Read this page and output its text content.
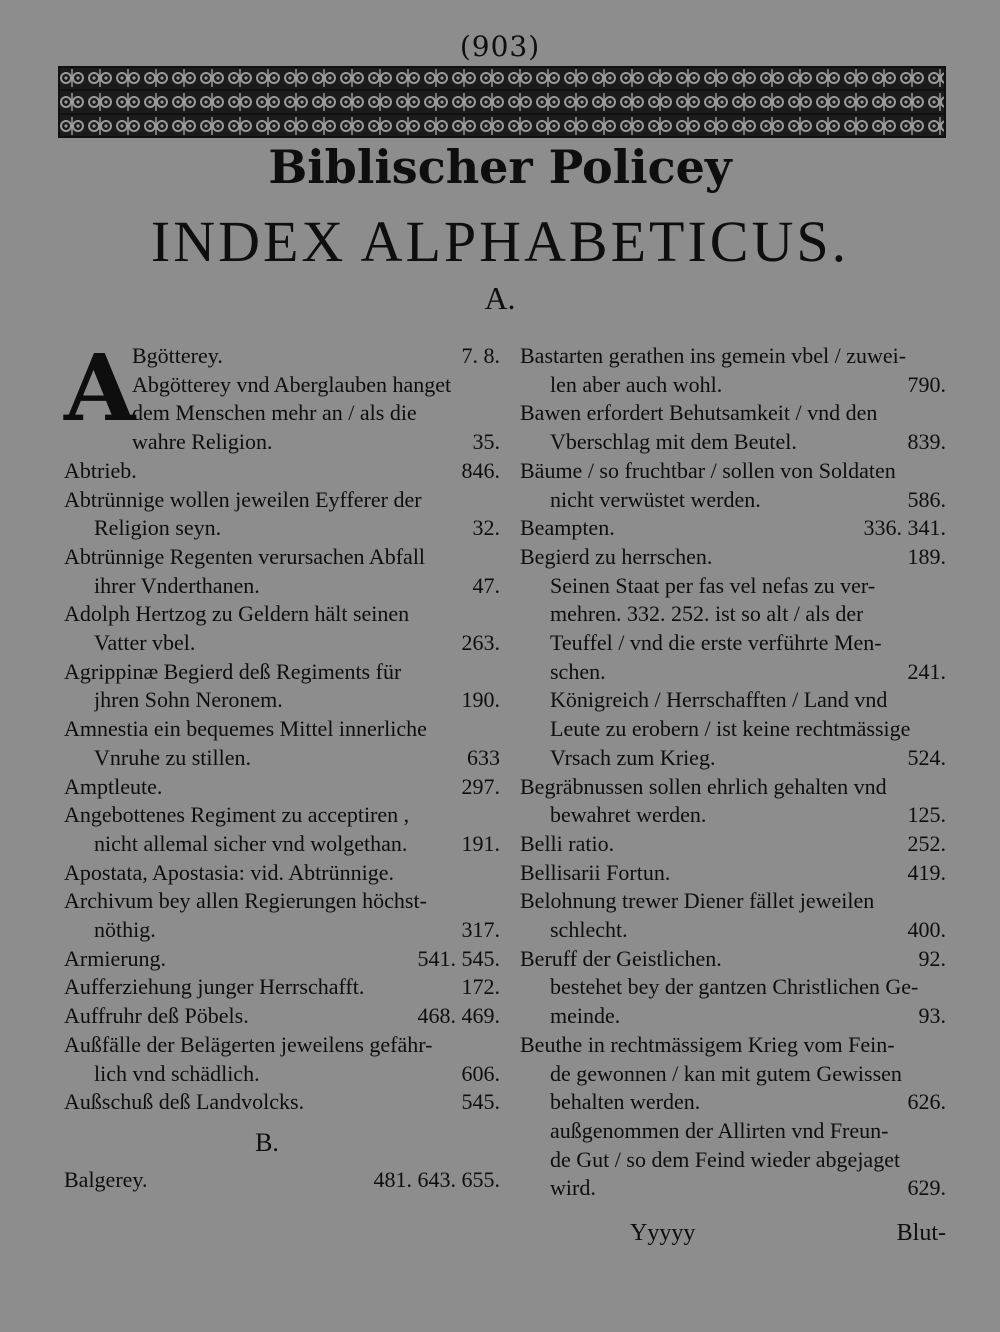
(903)
Biblischer Policey
INDEX ALPHABETICUS.
A.
A
Bgötterey.	7. 8.
Abgötterey vnd Aberglauben hanget
dem Menschen mehr an / als die
wahre Religion.	35.
Abtrieb.	846.
Abtrünnige wollen jeweilen Eyfferer der
Religion seyn.	32.
Abtrünnige Regenten verursachen Abfall
ihrer Vnderthanen.	47.
Adolph Hertzog zu Geldern hält seinen
Vatter vbel.	263.
Agrippinæ Begierd deß Regiments für
jhren Sohn Neronem.	190.
Amnestia ein bequemes Mittel innerliche
Vnruhe zu stillen.	633
Amptleute.	297.
Angebottenes Regiment zu acceptiren ,
nicht allemal sicher vnd wolgethan.	191.
Apostata, Apostasia: vid. Abtrünnige.
Archivum bey allen Regierungen höchst-
nöthig.	317.
Armierung.	541. 545.
Aufferziehung junger Herrschafft.	172.
Auffruhr deß Pöbels.	468. 469.
Außfälle der Belägerten jeweilens gefähr-
lich vnd schädlich.	606.
Außschuß deß Landvolcks.	545.
B.
Balgerey.	481. 643. 655.
Bastarten gerathen ins gemein vbel / zuwei-
len aber auch wohl.	790.
Bawen erfordert Behutsamkeit / vnd den
Vberschlag mit dem Beutel.	839.
Bäume / so fruchtbar / sollen von Soldaten
nicht verwüstet werden.	586.
Beampten.	336. 341.
Begierd zu herrschen.	189.
Seinen Staat per fas vel nefas zu ver-
mehren. 332. 252. ist so alt / als der
Teuffel / vnd die erste verführte Men-
schen.	241.
Königreich / Herrschafften / Land vnd
Leute zu erobern / ist keine rechtmässige
Vrsach zum Krieg.	524.
Begräbnussen sollen ehrlich gehalten vnd
bewahret werden.	125.
Belli ratio.	252.
Bellisarii Fortun.	419.
Belohnung trewer Diener fället jeweilen
schlecht.	400.
Beruff der Geistlichen.	92.
bestehet bey der gantzen Christlichen Ge-
meinde.	93.
Beuthe in rechtmässigem Krieg vom Fein-
de gewonnen / kan mit gutem Gewissen
behalten werden.	626.
außgenommen der Allirten vnd Freun-
de Gut / so dem Feind wieder abgejaget
wird.	629.
Yyyyy	Blut-
